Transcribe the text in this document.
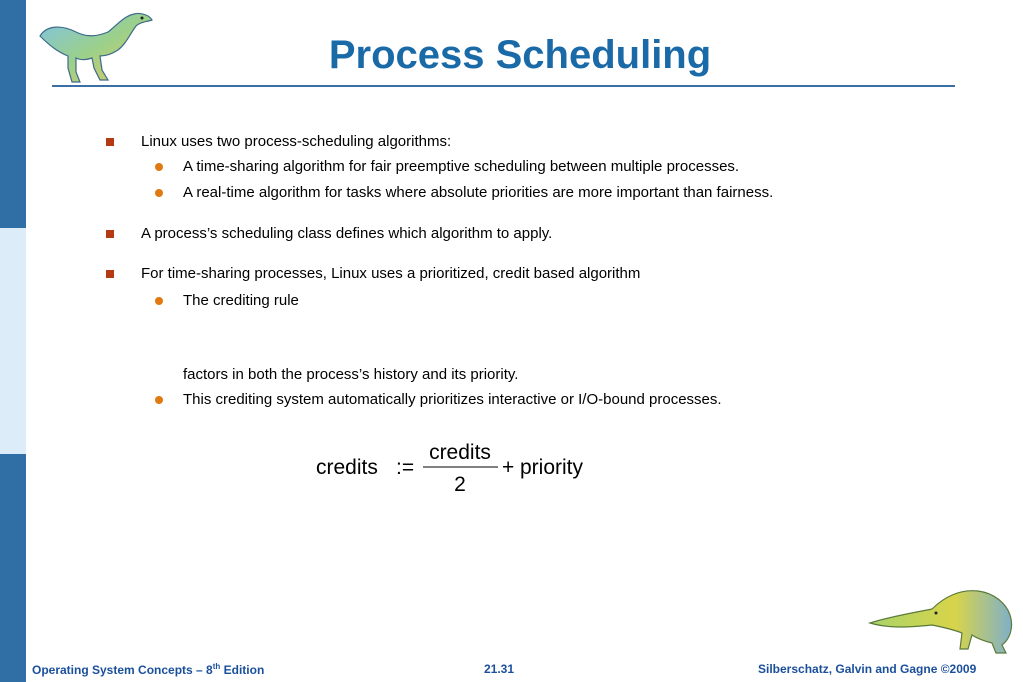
Process Scheduling
Linux uses two process-scheduling algorithms:
A time-sharing algorithm for fair preemptive scheduling between multiple processes.
A real-time algorithm for tasks where absolute priorities are more important than fairness.
A process’s scheduling class defines which algorithm to apply.
For time-sharing processes, Linux uses a prioritized, credit based algorithm
The crediting rule
factors in both the process’s history and its priority.
This crediting system automatically prioritizes interactive or I/O-bound processes.
credits :=
credits
2
+ priority
Operating System Concepts – 8th Edition	21.31	Silberschatz, Galvin and Gagne ©2009
